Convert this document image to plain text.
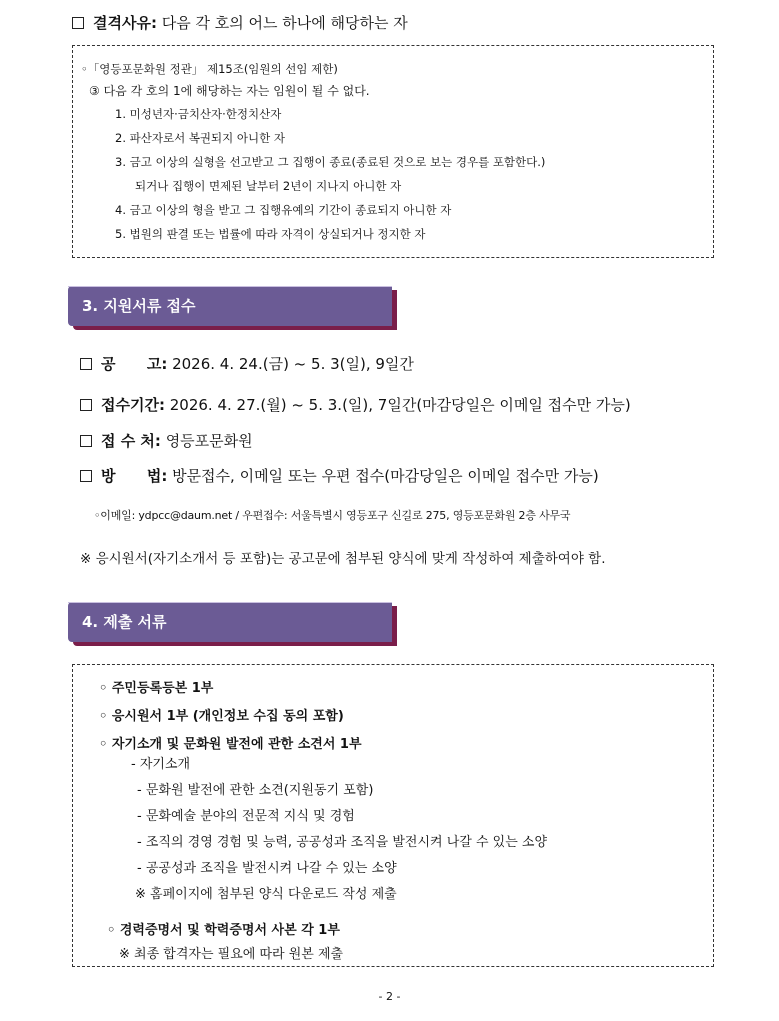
결격사유: 다음 각 호의 어느 하나에 해당하는 자
◦「영등포문화원 정관」 제15조(임원의 선임 제한)
③ 다음 각 호의 1에 해당하는 자는 임원이 될 수 없다.
1. 미성년자·금치산자·한정치산자
2. 파산자로서 복권되지 아니한 자
3. 금고 이상의 실형을 선고받고 그 집행이 종료(종료된 것으로 보는 경우를 포함한다.)
되거나 집행이 면제된 날부터 2년이 지나지 아니한 자
4. 금고 이상의 형을 받고 그 집행유예의 기간이 종료되지 아니한 자
5. 법원의 판결 또는 법률에 따라 자격이 상실되거나 정지한 자
3. 지원서류 접수
공      고: 2026. 4. 24.(금) ~ 5. 3(일), 9일간
접수기간: 2026. 4. 27.(월) ~ 5. 3.(일), 7일간(마감당일은 이메일 접수만 가능)
접 수 처: 영등포문화원
방      법: 방문접수, 이메일 또는 우편 접수(마감당일은 이메일 접수만 가능)
◦이메일: ydpcc@daum.net / 우편접수: 서울특별시 영등포구 신길로 275, 영등포문화원 2층 사무국
※ 응시원서(자기소개서 등 포함)는 공고문에 첨부된 양식에 맞게 작성하여 제출하여야 함.
4. 제출 서류
◦ 주민등록등본 1부
◦ 응시원서 1부 (개인정보 수집 동의 포함)
◦ 자기소개 및 문화원 발전에 관한 소견서 1부
- 자기소개
- 문화원 발전에 관한 소견(지원동기 포함)
- 문화예술 분야의 전문적 지식 및 경험
- 조직의 경영 경험 및 능력, 공공성과 조직을 발전시켜 나갈 수 있는 소양
- 공공성과 조직을 발전시켜 나갈 수 있는 소양
※ 홈페이지에 첨부된 양식 다운로드 작성 제출
◦ 경력증명서 및 학력증명서 사본 각 1부
※ 최종 합격자는 필요에 따라 원본 제출
- 2 -
